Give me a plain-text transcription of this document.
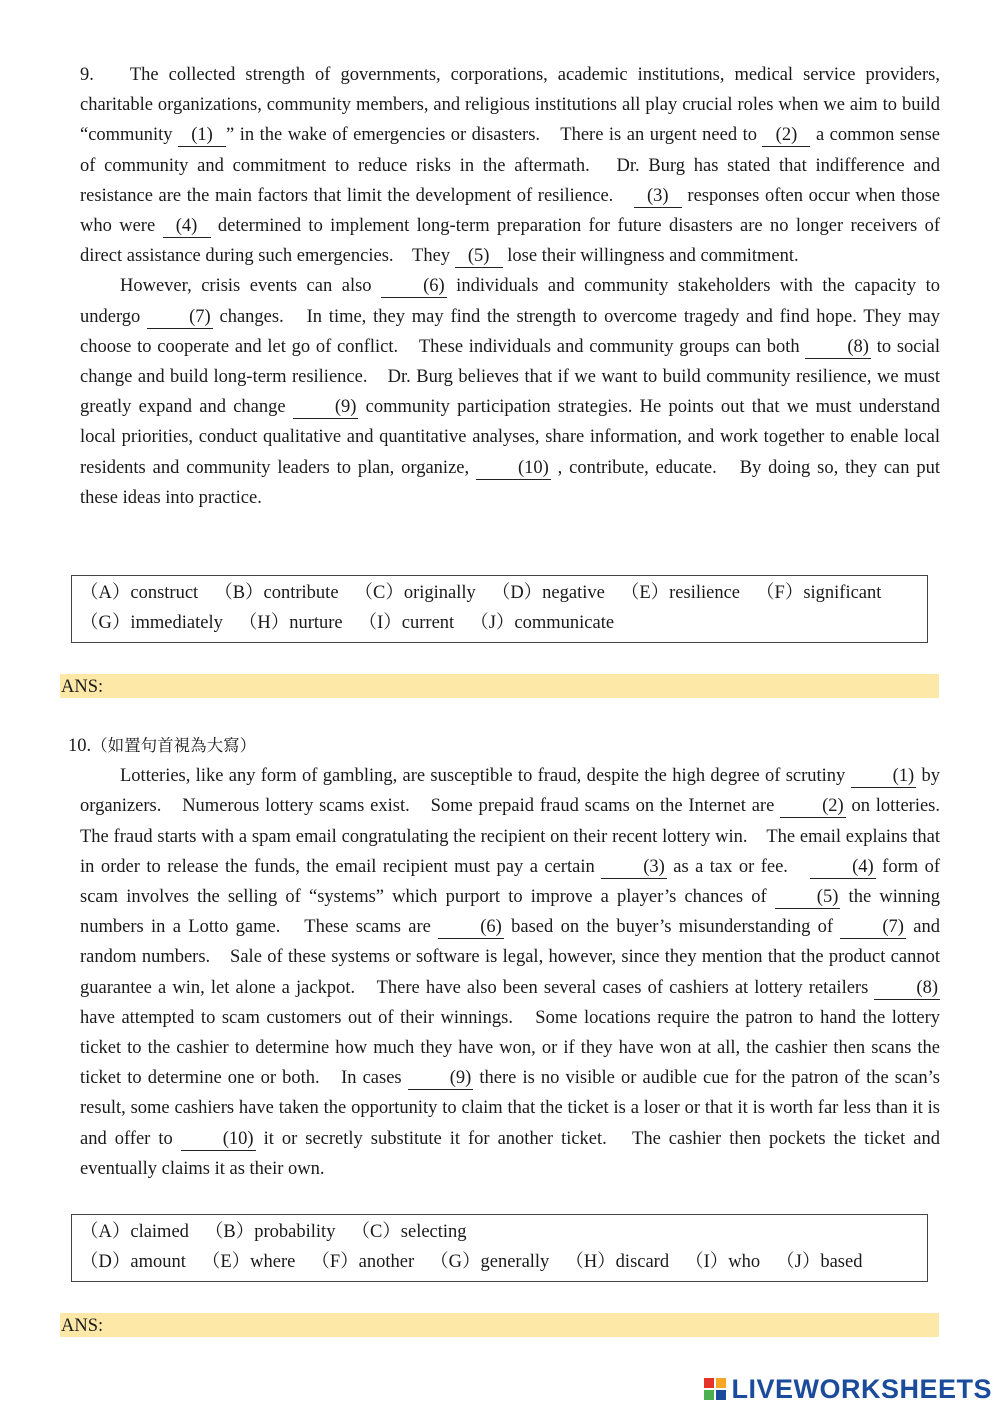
9. The collected strength of governments, corporations, academic institutions, medical service providers, charitable organizations, community members, and religious institutions all play crucial roles when we aim to build “community (1) ” in the wake of emergencies or disasters.　There is an urgent need to (2) a common sense of community and commitment to reduce risks in the aftermath.　Dr. Burg has stated that indifference and resistance are the main factors that limit the development of resilience.　(3) responses often occur when those who were (4) determined to implement long-term preparation for future disasters are no longer receivers of direct assistance during such emergencies.　They (5) lose their willingness and commitment.

However, crisis events can also (6) individuals and community stakeholders with the capacity to undergo (7) changes.　In time, they may find the strength to overcome tragedy and find hope. They may choose to cooperate and let go of conflict.　These individuals and community groups can both (8) to social change and build long-term resilience.　Dr. Burg believes that if we want to build community resilience, we must greatly expand and change (9) community participation strategies. He points out that we must understand local priorities, conduct qualitative and quantitative analyses, share information, and work together to enable local residents and community leaders to plan, organize, (10) , contribute, educate.　By doing so, they can put these ideas into practice.

（A）construct （B）contribute （C）originally （D）negative （E）resilience （F）significant
（G）immediately （H）nurture （I）current （J）communicate
ANS:

10.（如置句首視為大寫）

Lotteries, like any form of gambling, are susceptible to fraud, despite the high degree of scrutiny (1) by organizers.　Numerous lottery scams exist.　Some prepaid fraud scams on the Internet are (2) on lotteries.　The fraud starts with a spam email congratulating the recipient on their recent lottery win.　The email explains that in order to release the funds, the email recipient must pay a certain (3) as a tax or fee.　(4) form of scam involves the selling of “systems” which purport to improve a player’s chances of (5) the winning numbers in a Lotto game.　These scams are (6) based on the buyer’s misunderstanding of (7) and random numbers.　Sale of these systems or software is legal, however, since they mention that the product cannot guarantee a win, let alone a jackpot.　There have also been several cases of cashiers at lottery retailers (8) have attempted to scam customers out of their winnings.　Some locations require the patron to hand the lottery ticket to the cashier to determine how much they have won, or if they have won at all, the cashier then scans the ticket to determine one or both.　In cases (9) there is no visible or audible cue for the patron of the scan’s result, some cashiers have taken the opportunity to claim that the ticket is a loser or that it is worth far less than it is and offer to (10) it or secretly substitute it for another ticket.　The cashier then pockets the ticket and eventually claims it as their own.

（A）claimed （B）probability （C）selecting
（D）amount （E）where （F）another （G）generally （H）discard （I）who （J）based
ANS:
LIVEWORKSHEETS
